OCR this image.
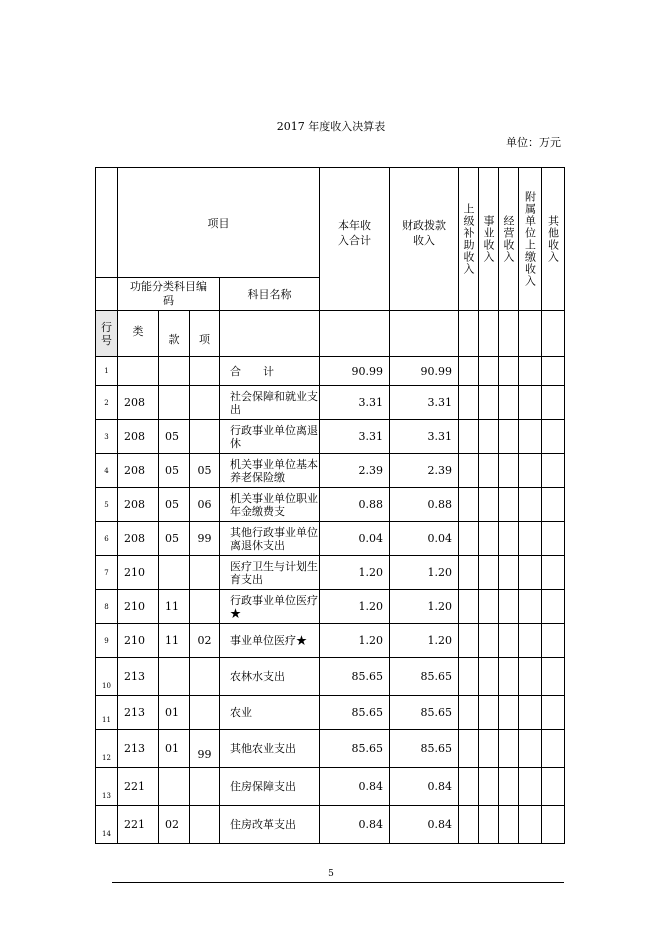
2017 年度收入决算表
单位：万元
	项目				本年收入合计	财政拨款收入	上级补助收入	事业收入	经营收入	附属单位上缴收入	其他收入

	功能分类科目编码			科目名称							

行号	类	款	项								
1				合　　计	90.99	90.99					
2	208			社会保障和就业支出	3.31	3.31					
3	208	05		行政事业单位离退休	3.31	3.31					
4	208	05	05	机关事业单位基本养老保险缴	2.39	2.39					
5	208	05	06	机关事业单位职业年金缴费支	0.88	0.88					
6	208	05	99	其他行政事业单位离退休支出	0.04	0.04					
7	210			医疗卫生与计划生育支出	1.20	1.20					
8	210	11		行政事业单位医疗★	1.20	1.20					
9	210	11	02	事业单位医疗★	1.20	1.20					
10	213			农林水支出	85.65	85.65					
11	213	01		农业	85.65	85.65					
12	213	01	99	其他农业支出	85.65	85.65					
13	221			住房保障支出	0.84	0.84					
14	221	02		住房改革支出	0.84	0.84					
5
